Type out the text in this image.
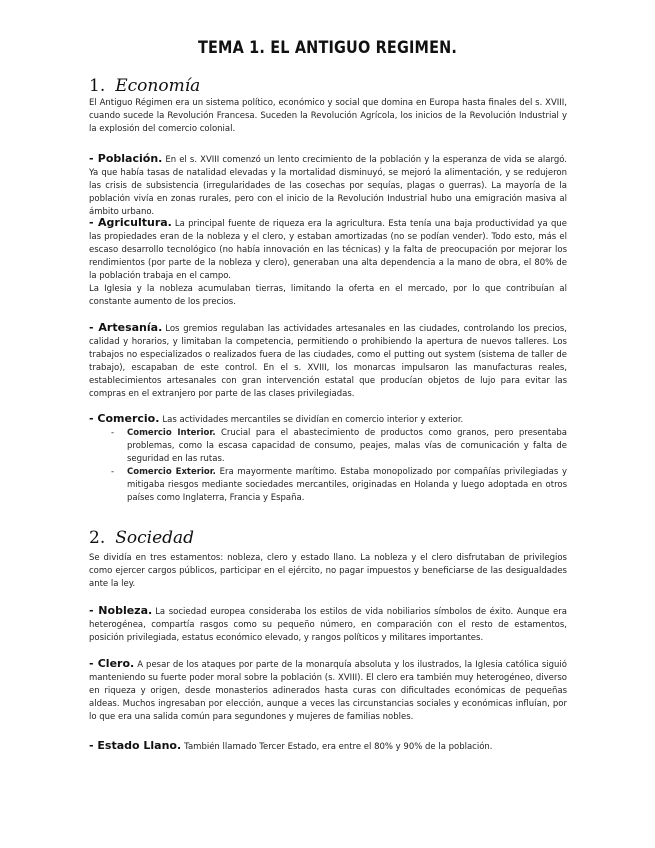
TEMA 1. EL ANTIGUO REGIMEN.
1. Economía

El Antiguo Régimen era un sistema político, económico y social que domina en Europa hasta finales del s. XVIII, cuando sucede la Revolución Francesa. Suceden la Revolución Agrícola, los inicios de la Revolución Industrial y la explosión del comercio colonial.

- Población. En el s. XVIII comenzó un lento crecimiento de la población y la esperanza de vida se alargó. Ya que había tasas de natalidad elevadas y la mortalidad disminuyó, se mejoró la alimentación, y se redujeron las crisis de subsistencia (irregularidades de las cosechas por sequías, plagas o guerras). La mayoría de la población vivía en zonas rurales, pero con el inicio de la Revolución Industrial hubo una emigración masiva al ámbito urbano.

- Agricultura. La principal fuente de riqueza era la agricultura. Esta tenía una baja productividad ya que las propiedades eran de la nobleza y el clero, y estaban amortizadas (no se podían vender). Todo esto, más el escaso desarrollo tecnológico (no había innovación en las técnicas) y la falta de preocupación por mejorar los rendimientos (por parte de la nobleza y clero), generaban una alta dependencia a la mano de obra, el 80% de la población trabaja en el campo.

La Iglesia y la nobleza acumulaban tierras, limitando la oferta en el mercado, por lo que contribuían al constante aumento de los precios.

- Artesanía. Los gremios regulaban las actividades artesanales en las ciudades, controlando los precios, calidad y horarios, y limitaban la competencia, permitiendo o prohibiendo la apertura de nuevos talleres. Los trabajos no especializados o realizados fuera de las ciudades, como el putting out system (sistema de taller de trabajo), escapaban de este control. En el s. XVIII, los monarcas impulsaron las manufacturas reales, establecimientos artesanales con gran intervención estatal que producían objetos de lujo para evitar las compras en el extranjero por parte de las clases privilegiadas.

- Comercio. Las actividades mercantiles se dividían en comercio interior y exterior.

- Comercio Interior. Crucial para el abastecimiento de productos como granos, pero presentaba problemas, como la escasa capacidad de consumo, peajes, malas vías de comunicación y falta de seguridad en las rutas.

- Comercio Exterior. Era mayormente marítimo. Estaba monopolizado por compañías privilegiadas y mitigaba riesgos mediante sociedades mercantiles, originadas en Holanda y luego adoptada en otros países como Inglaterra, Francia y España.

2. Sociedad

Se dividía en tres estamentos: nobleza, clero y estado llano. La nobleza y el clero disfrutaban de privilegios como ejercer cargos públicos, participar en el ejército, no pagar impuestos y beneficiarse de las desigualdades ante la ley.

- Nobleza. La sociedad europea consideraba los estilos de vida nobiliarios símbolos de éxito. Aunque era heterogénea, compartía rasgos como su pequeño número, en comparación con el resto de estamentos, posición privilegiada, estatus económico elevado, y rangos políticos y militares importantes.

- Clero. A pesar de los ataques por parte de la monarquía absoluta y los ilustrados, la Iglesia católica siguió manteniendo su fuerte poder moral sobre la población (s. XVIII). El clero era también muy heterogéneo, diverso en riqueza y origen, desde monasterios adinerados hasta curas con dificultades económicas de pequeñas aldeas. Muchos ingresaban por elección, aunque a veces las circunstancias sociales y económicas influían, por lo que era una salida común para segundones y mujeres de familias nobles.

- Estado Llano. También llamado Tercer Estado, era entre el 80% y 90% de la población.
